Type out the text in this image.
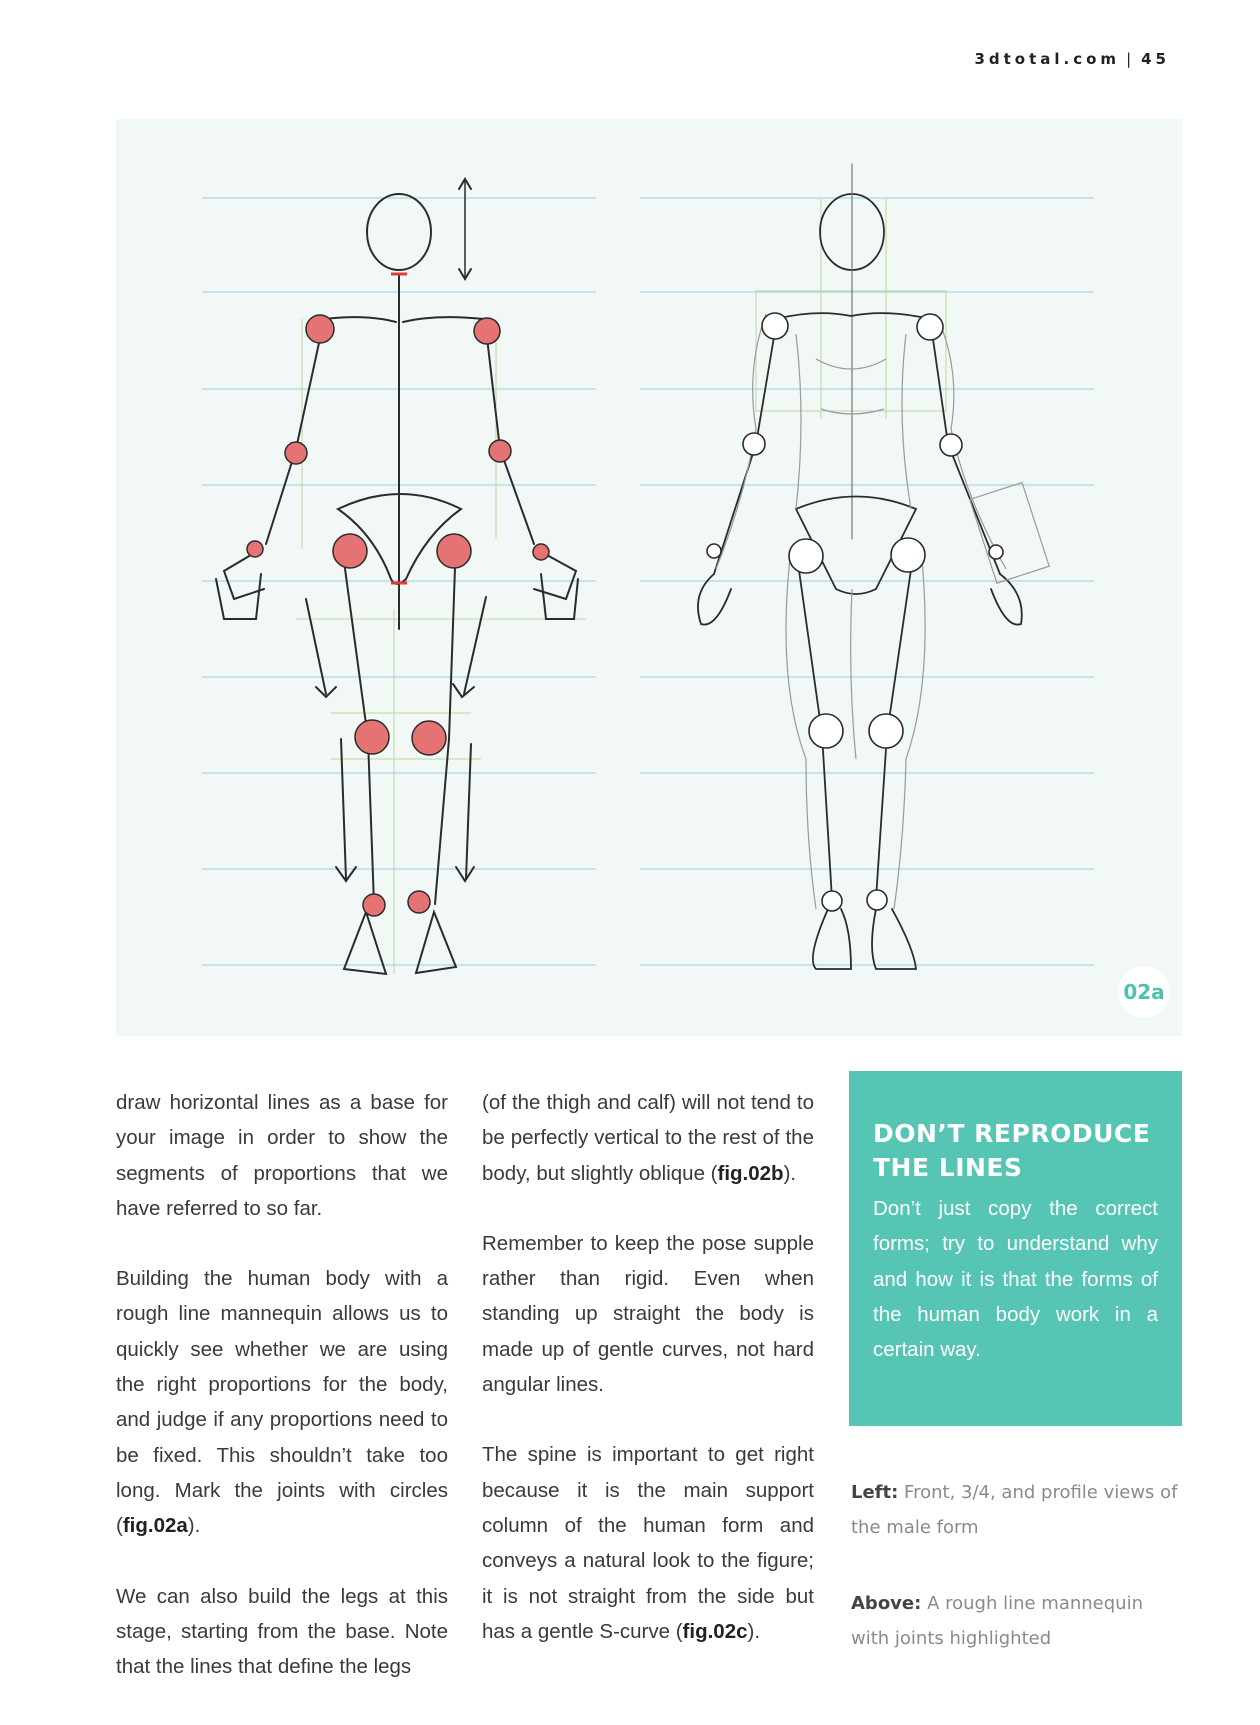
3dtotal.com | 45
02a

draw horizontal lines as a base for your image in order to show the segments of proportions that we have referred to so far.

Building the human body with a rough line mannequin allows us to quickly see whether we are using the right proportions for the body, and judge if any proportions need to be fixed. This shouldn’t take too long. Mark the joints with circles (fig.02a).

We can also build the legs at this stage, starting from the base. Note that the lines that define the legs

(of the thigh and calf) will not tend to be perfectly vertical to the rest of the body, but slightly oblique (fig.02b).

Remember to keep the pose supple rather than rigid. Even when standing up straight the body is made up of gentle curves, not hard angular lines.

The spine is important to get right because it is the main support column of the human form and conveys a natural look to the figure; it is not straight from the side but has a gentle S-curve (fig.02c).

DON’T REPRODUCE THE LINES

Don’t just copy the correct forms; try to understand why and how it is that the forms of the human body work in a certain way.

Left: Front, 3/4, and profile views of the male form
Above: A rough line mannequin with joints highlighted
